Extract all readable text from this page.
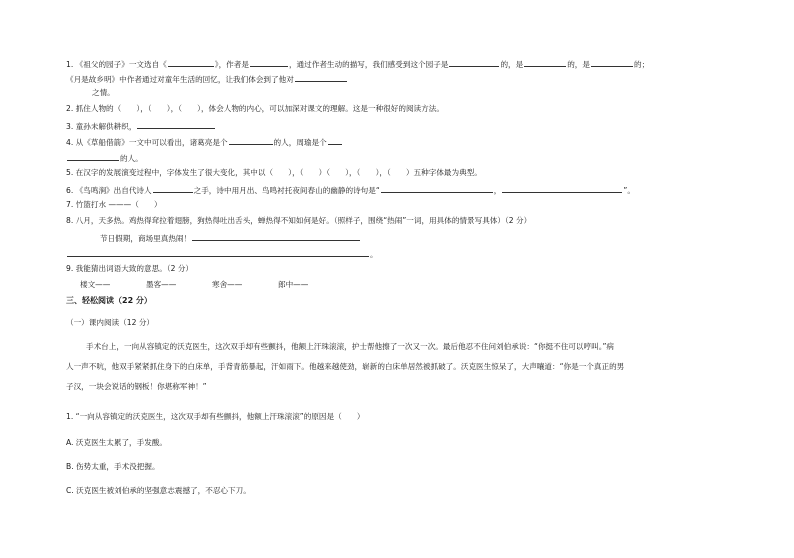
1. 《祖父的园子》一文选自《	》，作者是	，通过作者生动的描写，我们感受到这个园子是	的，是	的，是	的；
《月是故乡明》中作者通过对童年生活的回忆，让我们体会到了他对
之情。
2. 抓住人物的（　　），（　　），（　　），体会人物的内心，可以加深对课文的理解。这是一种很好的阅读方法。
3. 童孙未解供耕织，
4. 从《草船借箭》一文中可以看出，诸葛亮是个	的人，周瑜是个
的人。
5. 在汉字的发展演变过程中，字体发生了很大变化，其中以（　　），（　　）（　　），（　　），（　　）五种字体最为典型。
6. 《鸟鸣涧》出自代诗人	之手，诗中用月出、鸟鸣衬托夜间春山的幽静的诗句是“	，	”。
7. 竹篮打水 ———（　　）
8. 八月，天多热。鸡热得耷拉着翅膀，狗热得吐出舌头，蝉热得不知如何是好。（照样子，围绕“热闹”一词，用具体的情景写具体）（2 分）
节日假期，商场里真热闹！
。
9. 我能猜出词语大致的意思。（2 分）
楼文——	墨客——	寒舍——	郎中——
三、轻松阅读（22 分）
（一）课内阅读（12 分）
手术台上，一向从容镇定的沃克医生，这次双手却有些颤抖，他额上汗珠滚滚，护士帮他擦了一次又一次。最后他忍不住问刘伯承说：“你挺不住可以哼叫。”病
人一声不吭，他双手紧紧抓住身下的白床单，手背青筋暴起，汗如雨下。他越来越使劲，崭新的白床单居然被抓破了。沃克医生惊呆了，大声嚷道：“你是一个真正的男
子汉，一块会说话的钢板！你堪称军神！”
1. “一向从容镇定的沃克医生，这次双手却有些颤抖，他额上汗珠滚滚”的原因是（　　）
A. 沃克医生太累了，手发酸。
B. 伤势太重，手术没把握。
C. 沃克医生被刘伯承的坚强意志震撼了，不忍心下刀。
